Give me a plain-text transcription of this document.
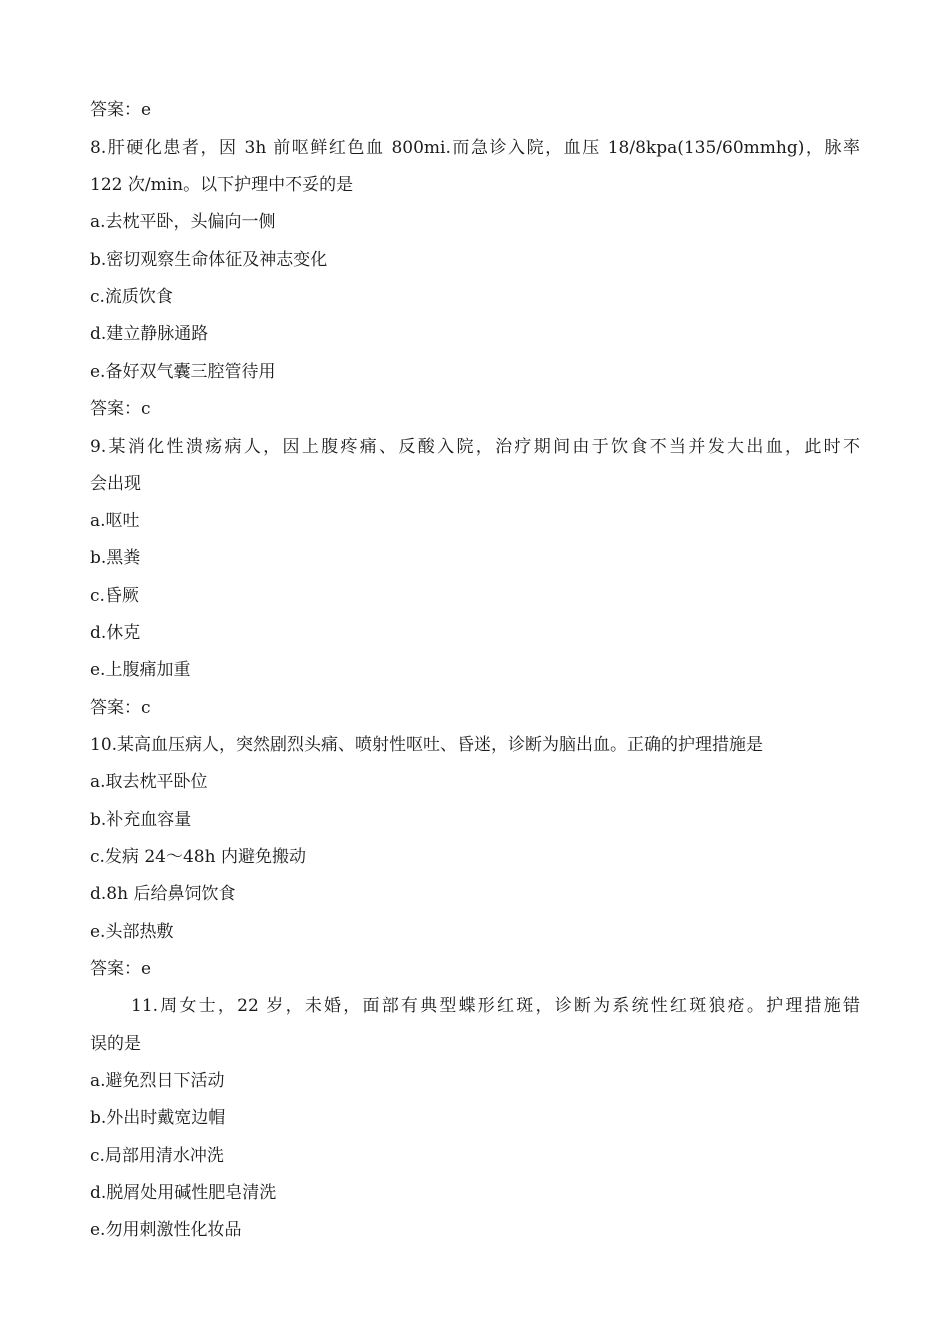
答案：e
8.肝硬化患者，因 3h 前呕鲜红色血 800mi.而急诊入院，血压 18/8kpa(135/60mmhg)，脉率
122 次/min。以下护理中不妥的是
a.去枕平卧，头偏向一侧
b.密切观察生命体征及神志变化
c.流质饮食
d.建立静脉通路
e.备好双气囊三腔管待用
答案：c
9.某消化性溃疡病人，因上腹疼痛、反酸入院，治疗期间由于饮食不当并发大出血，此时不
会出现
a.呕吐
b.黑粪
c.昏厥
d.休克
e.上腹痛加重
答案：c
10.某高血压病人，突然剧烈头痛、喷射性呕吐、昏迷，诊断为脑出血。正确的护理措施是
a.取去枕平卧位
b.补充血容量
c.发病 24～48h 内避免搬动
d.8h 后给鼻饲饮食
e.头部热敷
答案：e
11.周女士，22 岁，未婚，面部有典型蝶形红斑，诊断为系统性红斑狼疮。护理措施错
误的是
a.避免烈日下活动
b.外出时戴宽边帽
c.局部用清水冲洗
d.脱屑处用碱性肥皂清洗
e.勿用刺激性化妆品
